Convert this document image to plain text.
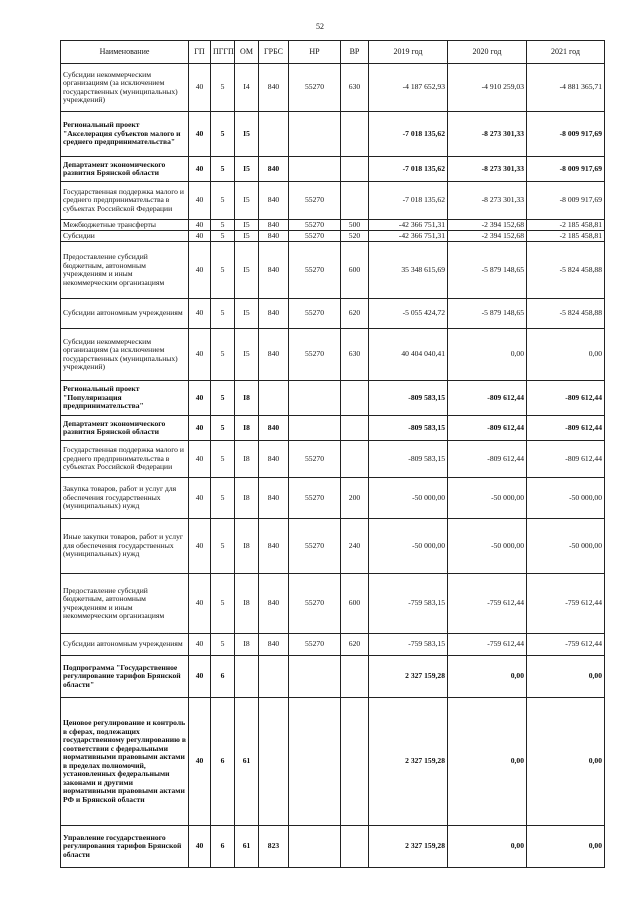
52
Наименование	ГП	ПГГП	ОМ	ГРБС	НР	ВР	2019 год	2020 год	2021 год
Субсидии некоммерческим организациям (за исключением государственных (муниципальных) учреждений)	40	5	I4	840	55270	630	-4 187 652,93	-4 910 259,03	-4 881 365,71
Региональный проект "Акселерация субъектов малого и среднего предпринимательства"	40	5	I5				-7 018 135,62	-8 273 301,33	-8 009 917,69
Департамент экономического развития Брянской области	40	5	I5	840			-7 018 135,62	-8 273 301,33	-8 009 917,69
Государственная поддержка малого и среднего предпринимательства в субъектах Российской Федерации	40	5	I5	840	55270		-7 018 135,62	-8 273 301,33	-8 009 917,69
Межбюджетные трансферты	40	5	I5	840	55270	500	-42 366 751,31	-2 394 152,68	-2 185 458,81
Субсидии	40	5	I5	840	55270	520	-42 366 751,31	-2 394 152,68	-2 185 458,81
Предоставление субсидий бюджетным, автономным учреждениям и иным некоммерческим организациям	40	5	I5	840	55270	600	35 348 615,69	-5 879 148,65	-5 824 458,88
Субсидии автономным учреждениям	40	5	I5	840	55270	620	-5 055 424,72	-5 879 148,65	-5 824 458,88
Субсидии некоммерческим организациям (за исключением государственных (муниципальных) учреждений)	40	5	I5	840	55270	630	40 404 040,41	0,00	0,00
Региональный проект "Популяризация предпринимательства"	40	5	I8				-809 583,15	-809 612,44	-809 612,44
Департамент экономического развития Брянской области	40	5	I8	840			-809 583,15	-809 612,44	-809 612,44
Государственная поддержка малого и среднего предпринимательства в субъектах Российской Федерации	40	5	I8	840	55270		-809 583,15	-809 612,44	-809 612,44
Закупка товаров, работ и услуг для обеспечения государственных (муниципальных) нужд	40	5	I8	840	55270	200	-50 000,00	-50 000,00	-50 000,00
Иные закупки товаров, работ и услуг для обеспечения государственных (муниципальных) нужд	40	5	I8	840	55270	240	-50 000,00	-50 000,00	-50 000,00
Предоставление субсидий бюджетным, автономным учреждениям и иным некоммерческим организациям	40	5	I8	840	55270	600	-759 583,15	-759 612,44	-759 612,44
Субсидии автономным учреждениям	40	5	I8	840	55270	620	-759 583,15	-759 612,44	-759 612,44
Подпрограмма "Государственное регулирование тарифов Брянской области"	40	6					2 327 159,28	0,00	0,00
Ценовое регулирование и контроль в сферах, подлежащих государственному регулированию в соответствии с федеральными нормативными правовыми актами в пределах полномочий, установленных федеральными законами и другими нормативными правовыми актами РФ и Брянской области	40	6	61				2 327 159,28	0,00	0,00
Управление государственного регулирования тарифов Брянской области	40	6	61	823			2 327 159,28	0,00	0,00
